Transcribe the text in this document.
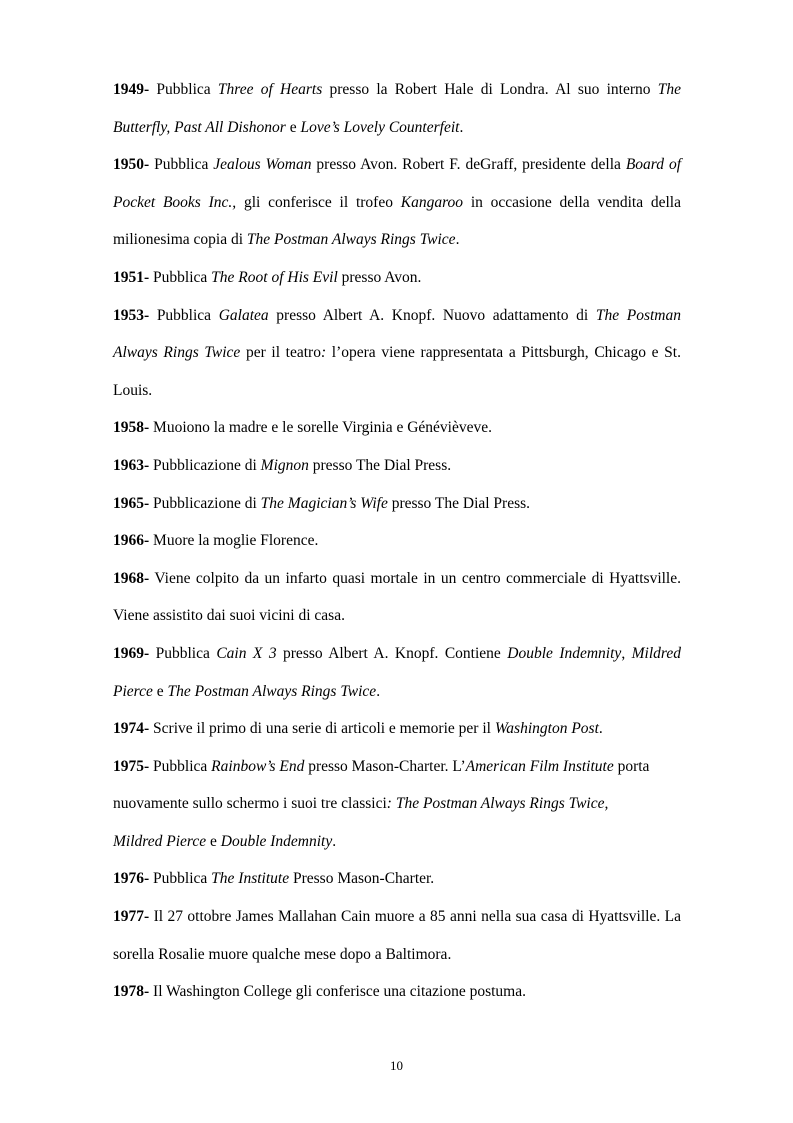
1949- Pubblica Three of Hearts presso la Robert Hale di Londra. Al suo interno The Butterfly, Past All Dishonor e Love’s Lovely Counterfeit.

1950- Pubblica Jealous Woman presso Avon. Robert F. deGraff, presidente della Board of Pocket Books Inc., gli conferisce il trofeo Kangaroo in occasione della vendita della milionesima copia di The Postman Always Rings Twice.

1951- Pubblica The Root of His Evil presso Avon.

1953- Pubblica Galatea presso Albert A. Knopf. Nuovo adattamento di The Postman Always Rings Twice per il teatro: l’opera viene rappresentata a Pittsburgh, Chicago e St. Louis.

1958- Muoiono la madre e le sorelle Virginia e Génévièveve.

1963- Pubblicazione di Mignon presso The Dial Press.

1965- Pubblicazione di The Magician’s Wife presso The Dial Press.

1966- Muore la moglie Florence.

1968- Viene colpito da un infarto quasi mortale in un centro commerciale di Hyattsville. Viene assistito dai suoi vicini di casa.

1969- Pubblica Cain X 3 presso Albert A. Knopf. Contiene Double Indemnity, Mildred Pierce e The Postman Always Rings Twice.

1974- Scrive il primo di una serie di articoli e memorie per il Washington Post.

1975- Pubblica Rainbow’s End presso Mason-Charter. L’American Film Institute porta nuovamente sullo schermo i suoi tre classici: The Postman Always Rings Twice,
Mildred Pierce e Double Indemnity.

1976- Pubblica The Institute Presso Mason-Charter.

1977- Il 27 ottobre James Mallahan Cain muore a 85 anni nella sua casa di Hyattsville. La sorella Rosalie muore qualche mese dopo a Baltimora.

1978- Il Washington College gli conferisce una citazione postuma.

10
